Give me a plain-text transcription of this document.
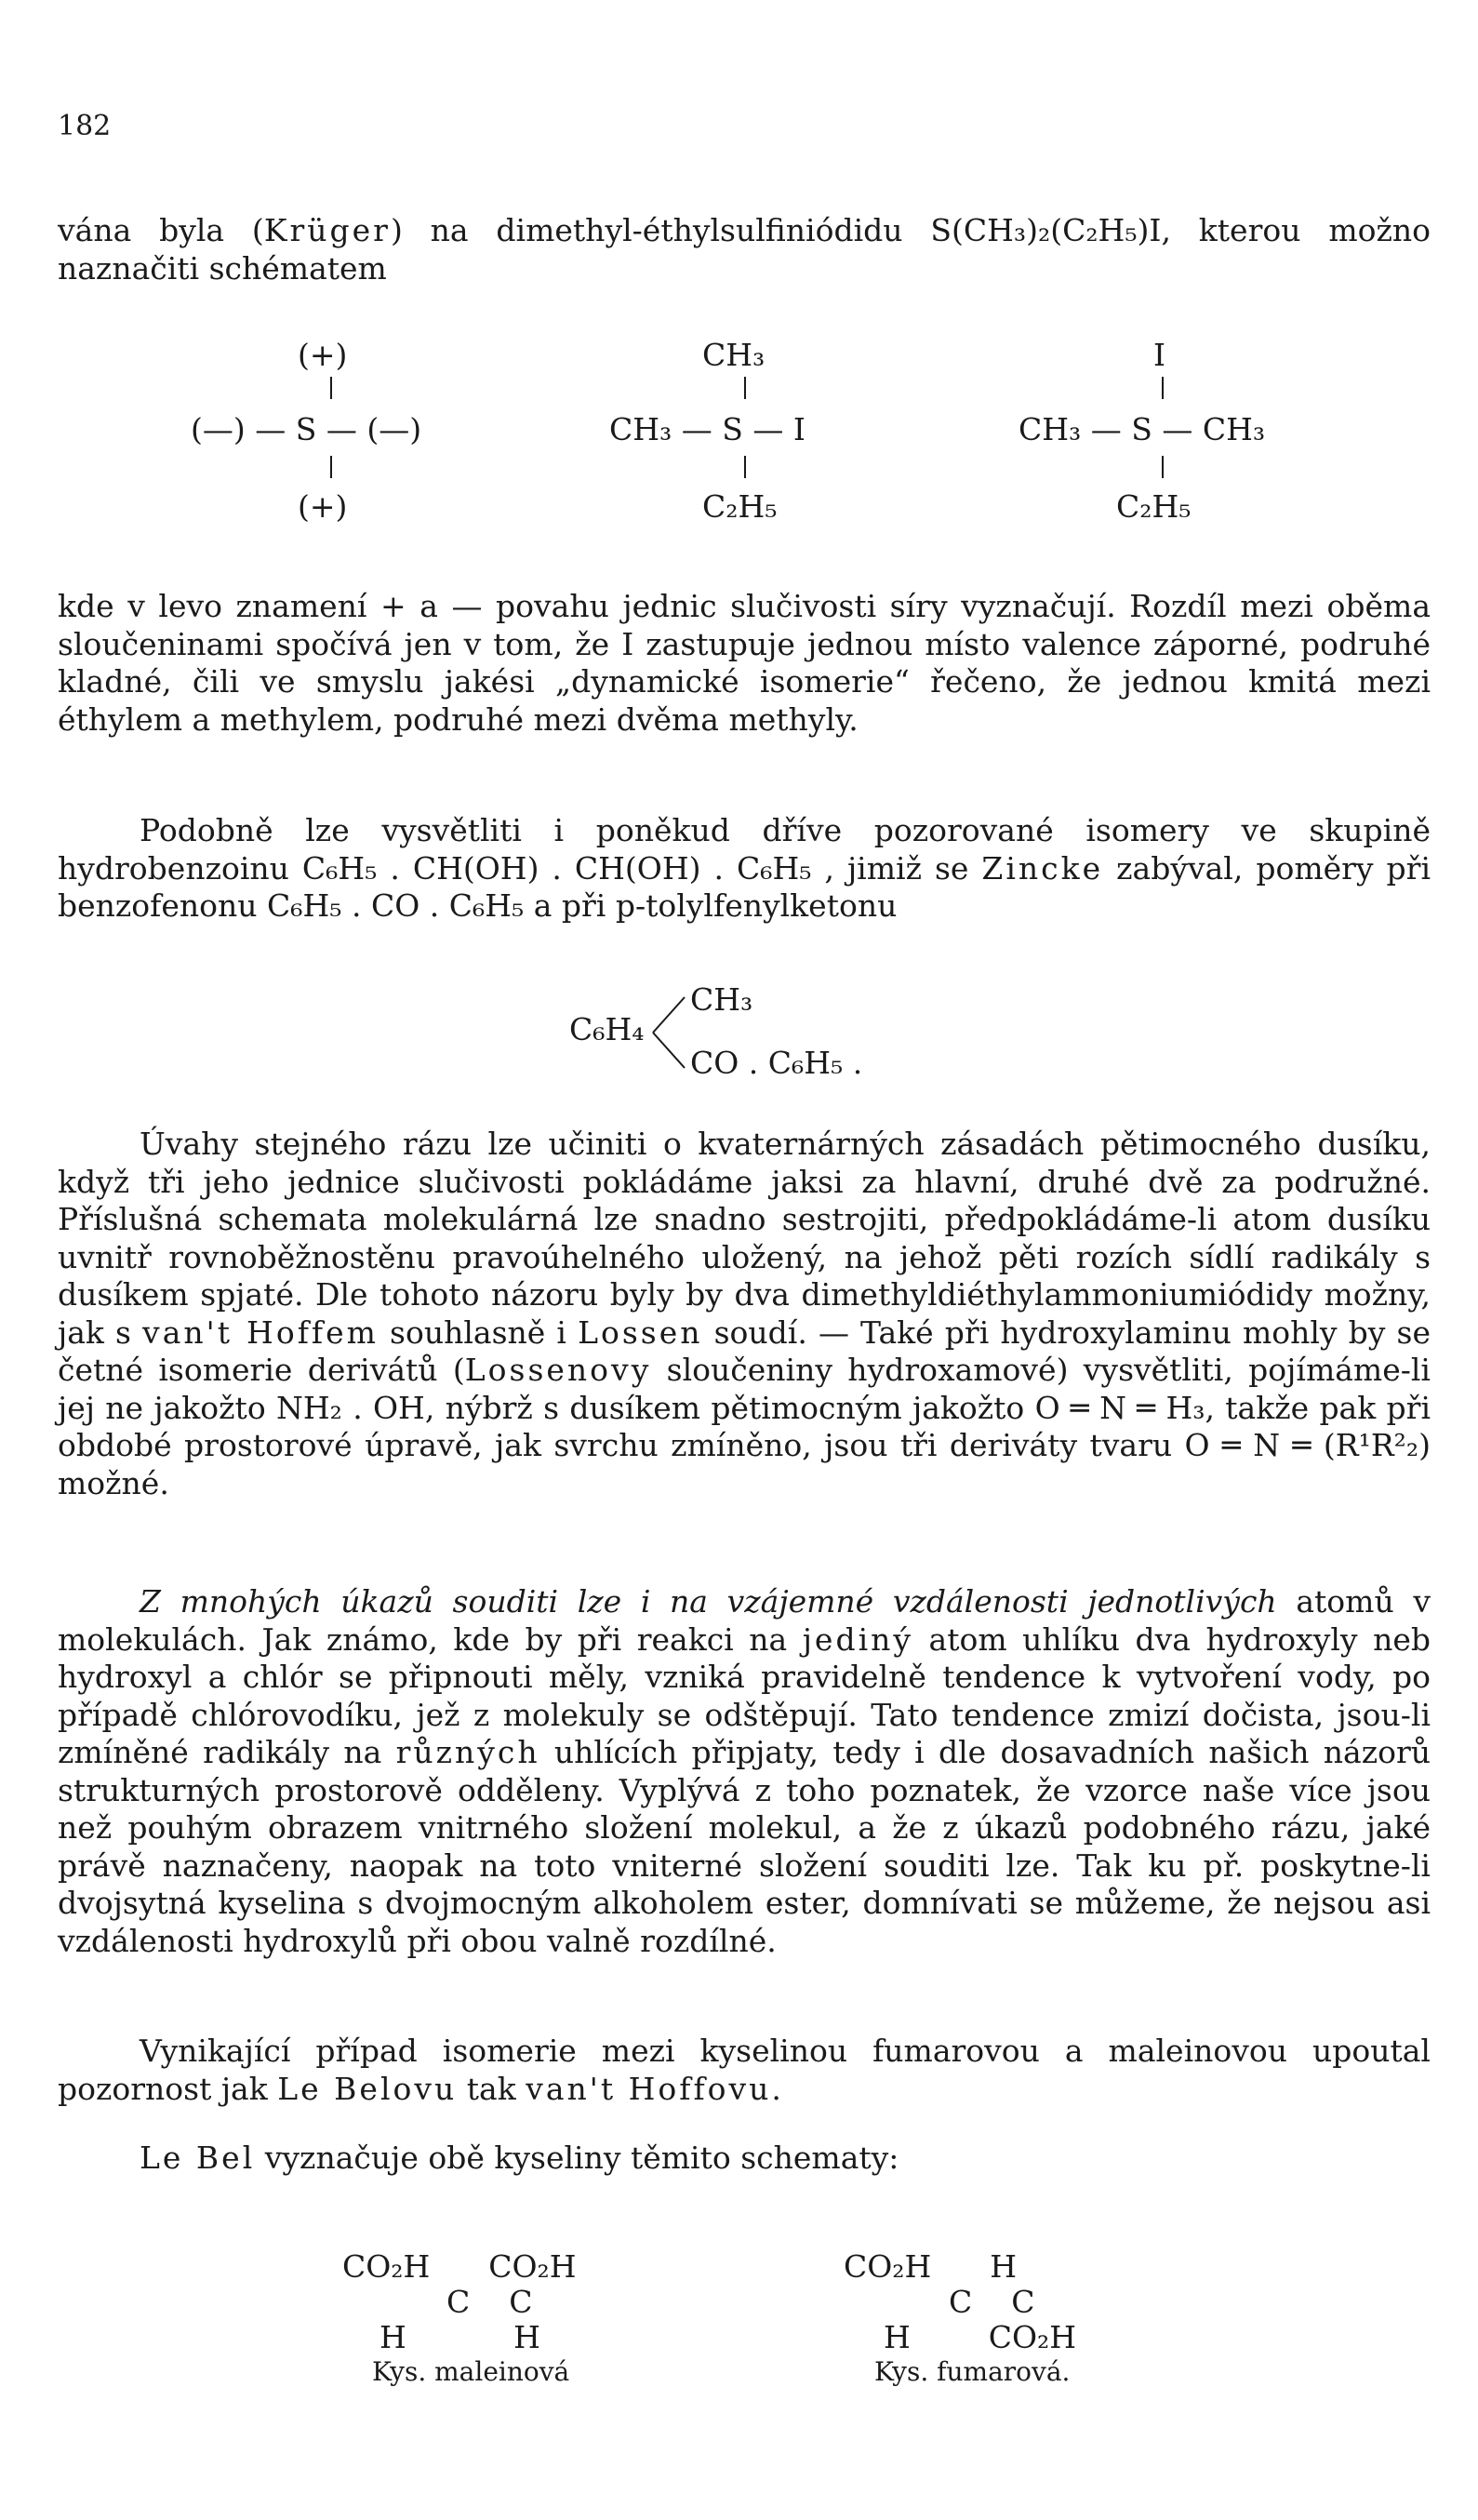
182

vána byla (Krüger) na dimethyl-éthylsulfiniódidu S(CH₃)₂(C₂H₅)I, kterou možno naznačiti schématem

(+)
(—) — S — (—)
(+)
CH₃
CH₃ — S — I
C₂H₅
I
CH₃ — S — CH₃
C₂H₅

kde v levo znamení + a — povahu jednic slučivosti síry vyznačují. Rozdíl mezi oběma sloučeninami spočívá jen v tom, že I zastupuje jednou místo valence záporné, podruhé kladné, čili ve smyslu jakési „dynamické isomerie“ řečeno, že jednou kmitá mezi éthylem a methylem, podruhé mezi dvěma methyly.

Podobně lze vysvětliti i poněkud dříve pozorované isomery ve skupině hydrobenzoinu C₆H₅ . CH(OH) . CH(OH) . C₆H₅ , jimiž se Zincke zabýval, poměry při benzofenonu C₆H₅ . CO . C₆H₅ a při p-tolylfenylketonu

C₆H₄
CH₃
CO . C₆H₅ .

Úvahy stejného rázu lze učiniti o kvaternárných zásadách pětimocného dusíku, když tři jeho jednice slučivosti pokládáme jaksi za hlavní, druhé dvě za podružné. Příslušná schemata molekulárná lze snadno sestrojiti, předpokládáme-li atom dusíku uvnitř rovnoběžnostěnu pravoúhelného uložený, na jehož pěti rozích sídlí radikály s dusíkem spjaté. Dle tohoto názoru byly by dva dimethyldiéthylammoniumiódidy možny, jak s van't Hoffem souhlasně i Lossen soudí. — Také při hydroxylaminu mohly by se četné isomerie derivátů (Lossenovy sloučeniny hydroxamové) vysvětliti, pojímáme-li jej ne jakožto NH₂ . OH, nýbrž s dusíkem pětimocným jakožto O ═ N ═ H₃, takže pak při obdobé prostorové úpravě, jak svrchu zmíněno, jsou tři deriváty tvaru O ═ N ═ (R¹R²₂) možné.

Z mnohých úkazů souditi lze i na vzájemné vzdálenosti jednotlivých atomů v molekulách. Jak známo, kde by při reakci na jediný atom uhlíku dva hydroxyly neb hydroxyl a chlór se připnouti měly, vzniká pravidelně tendence k vytvoření vody, po případě chlórovodíku, jež z molekuly se odštěpují. Tato tendence zmizí dočista, jsou-li zmíněné radikály na různých uhlících připjaty, tedy i dle dosavadních našich názorů strukturných prostorově odděleny. Vyplývá z toho poznatek, že vzorce naše více jsou než pouhým obrazem vnitrného složení molekul, a že z úkazů podobného rázu, jaké právě naznačeny, naopak na toto vniterné složení souditi lze. Tak ku př. poskytne-li dvojsytná kyselina s dvojmocným alkoholem ester, domnívati se můžeme, že nejsou asi vzdálenosti hydroxylů při obou valně rozdílné.

Vynikající případ isomerie mezi kyselinou fumarovou a maleinovou upoutal pozornost jak Le Belovu tak van't Hoffovu.

Le Bel vyznačuje obě kyseliny těmito schematy:

CO₂H      CO₂H
C    C
H           H
Kys. maleinová
CO₂H      H
C    C
H        CO₂H
Kys. fumarová.
